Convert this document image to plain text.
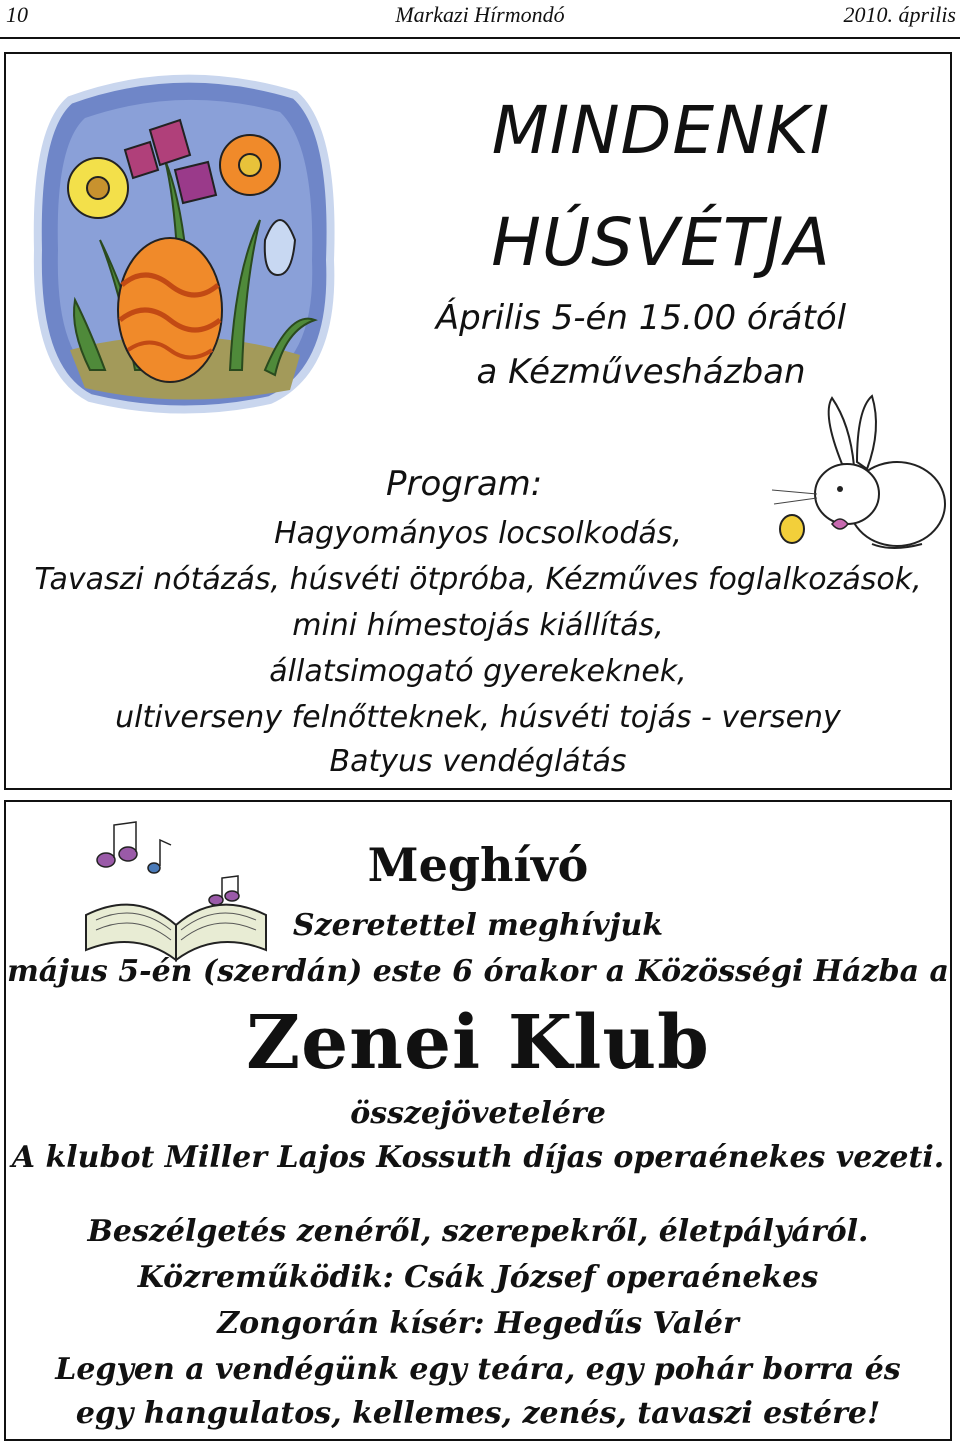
10	Markazi Hírmondó	2010. április
MINDENKI
HÚSVÉTJA
Április 5-én 15.00 órától
a Kézművesházban
Program:
Hagyományos locsolkodás,
Tavaszi nótázás, húsvéti ötpróba, Kézműves foglalkozások,
mini hímestojás kiállítás,
állatsimogató gyerekeknek,
ultiverseny felnőtteknek, húsvéti tojás - verseny
Batyus vendéglátás
Meghívó
Szeretettel meghívjuk
május 5-én (szerdán) este 6 órakor a Közösségi Házba a
Zenei Klub
összejövetelére
A klubot Miller Lajos Kossuth díjas operaénekes vezeti.
Beszélgetés zenéről, szerepekről, életpályáról.
Közreműködik: Csák József operaénekes
Zongorán kísér: Hegedűs Valér
Legyen a vendégünk egy teára, egy pohár borra és
egy hangulatos, kellemes, zenés, tavaszi estére!
